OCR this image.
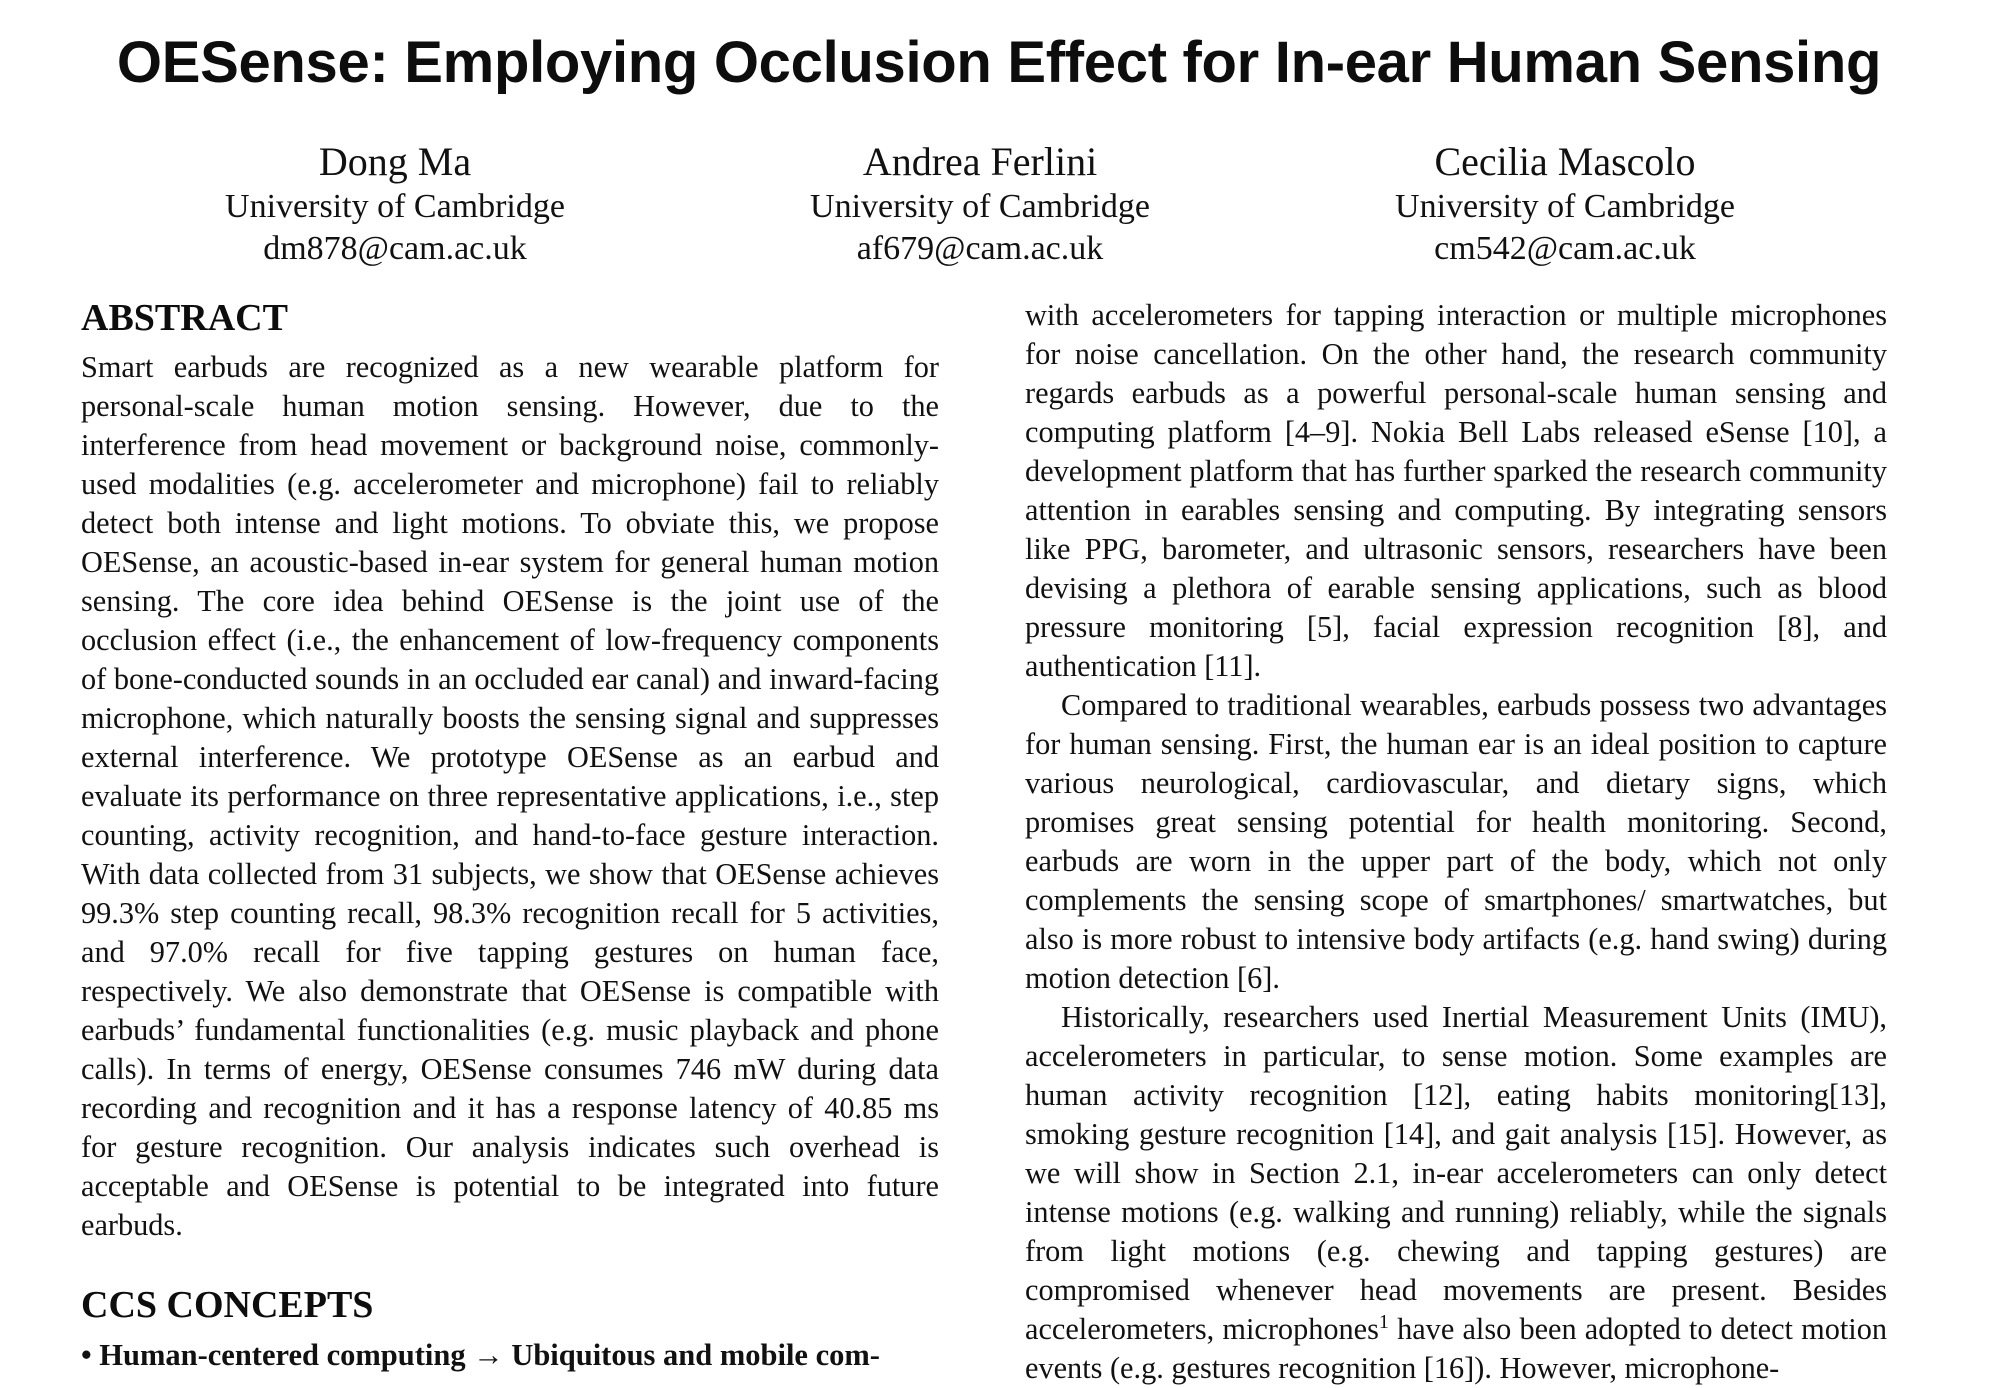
OESense: Employing Occlusion Effect for In-ear Human Sensing
Dong Ma
University of Cambridge
dm878@cam.ac.uk
Andrea Ferlini
University of Cambridge
af679@cam.ac.uk
Cecilia Mascolo
University of Cambridge
cm542@cam.ac.uk
ABSTRACT

Smart earbuds are recognized as a new wearable platform for personal-scale human motion sensing. However, due to the interference from head movement or background noise, commonly-used modalities (e.g. accelerometer and microphone) fail to reliably detect both intense and light motions. To obviate this, we propose OESense, an acoustic-based in-ear system for general human motion sensing. The core idea behind OESense is the joint use of the occlusion effect (i.e., the enhancement of low-frequency components of bone-conducted sounds in an occluded ear canal) and inward-facing microphone, which naturally boosts the sensing signal and suppresses external interference. We prototype OESense as an earbud and evaluate its performance on three representative applications, i.e., step counting, activity recognition, and hand-to-face gesture interaction. With data collected from 31 subjects, we show that OESense achieves 99.3% step counting recall, 98.3% recognition recall for 5 activities, and 97.0% recall for five tapping gestures on human face, respectively. We also demonstrate that OESense is compatible with earbuds’ fundamental functionalities (e.g. music playback and phone calls). In terms of energy, OESense consumes 746 mW during data recording and recognition and it has a response latency of 40.85 ms for gesture recognition. Our analysis indicates such overhead is acceptable and OESense is potential to be integrated into future earbuds.

CCS CONCEPTS
• Human-centered computing → Ubiquitous and mobile com-

with accelerometers for tapping interaction or multiple microphones for noise cancellation. On the other hand, the research community regards earbuds as a powerful personal-scale human sensing and computing platform [4–9]. Nokia Bell Labs released eSense [10], a development platform that has further sparked the research community attention in earables sensing and computing. By integrating sensors like PPG, barometer, and ultrasonic sensors, researchers have been devising a plethora of earable sensing applications, such as blood pressure monitoring [5], facial expression recognition [8], and authentication [11].

Compared to traditional wearables, earbuds possess two advantages for human sensing. First, the human ear is an ideal position to capture various neurological, cardiovascular, and dietary signs, which promises great sensing potential for health monitoring. Second, earbuds are worn in the upper part of the body, which not only complements the sensing scope of smartphones/ smartwatches, but also is more robust to intensive body artifacts (e.g. hand swing) during motion detection [6].

Historically, researchers used Inertial Measurement Units (IMU), accelerometers in particular, to sense motion. Some examples are human activity recognition [12], eating habits monitoring[13], smoking gesture recognition [14], and gait analysis [15]. However, as we will show in Section 2.1, in-ear accelerometers can only detect intense motions (e.g. walking and running) reliably, while the signals from light motions (e.g. chewing and tapping gestures) are compromised whenever head movements are present. Besides accelerometers, microphones$^1$ have also been adopted to detect motion events (e.g. gestures recognition [16]). However, microphone-
